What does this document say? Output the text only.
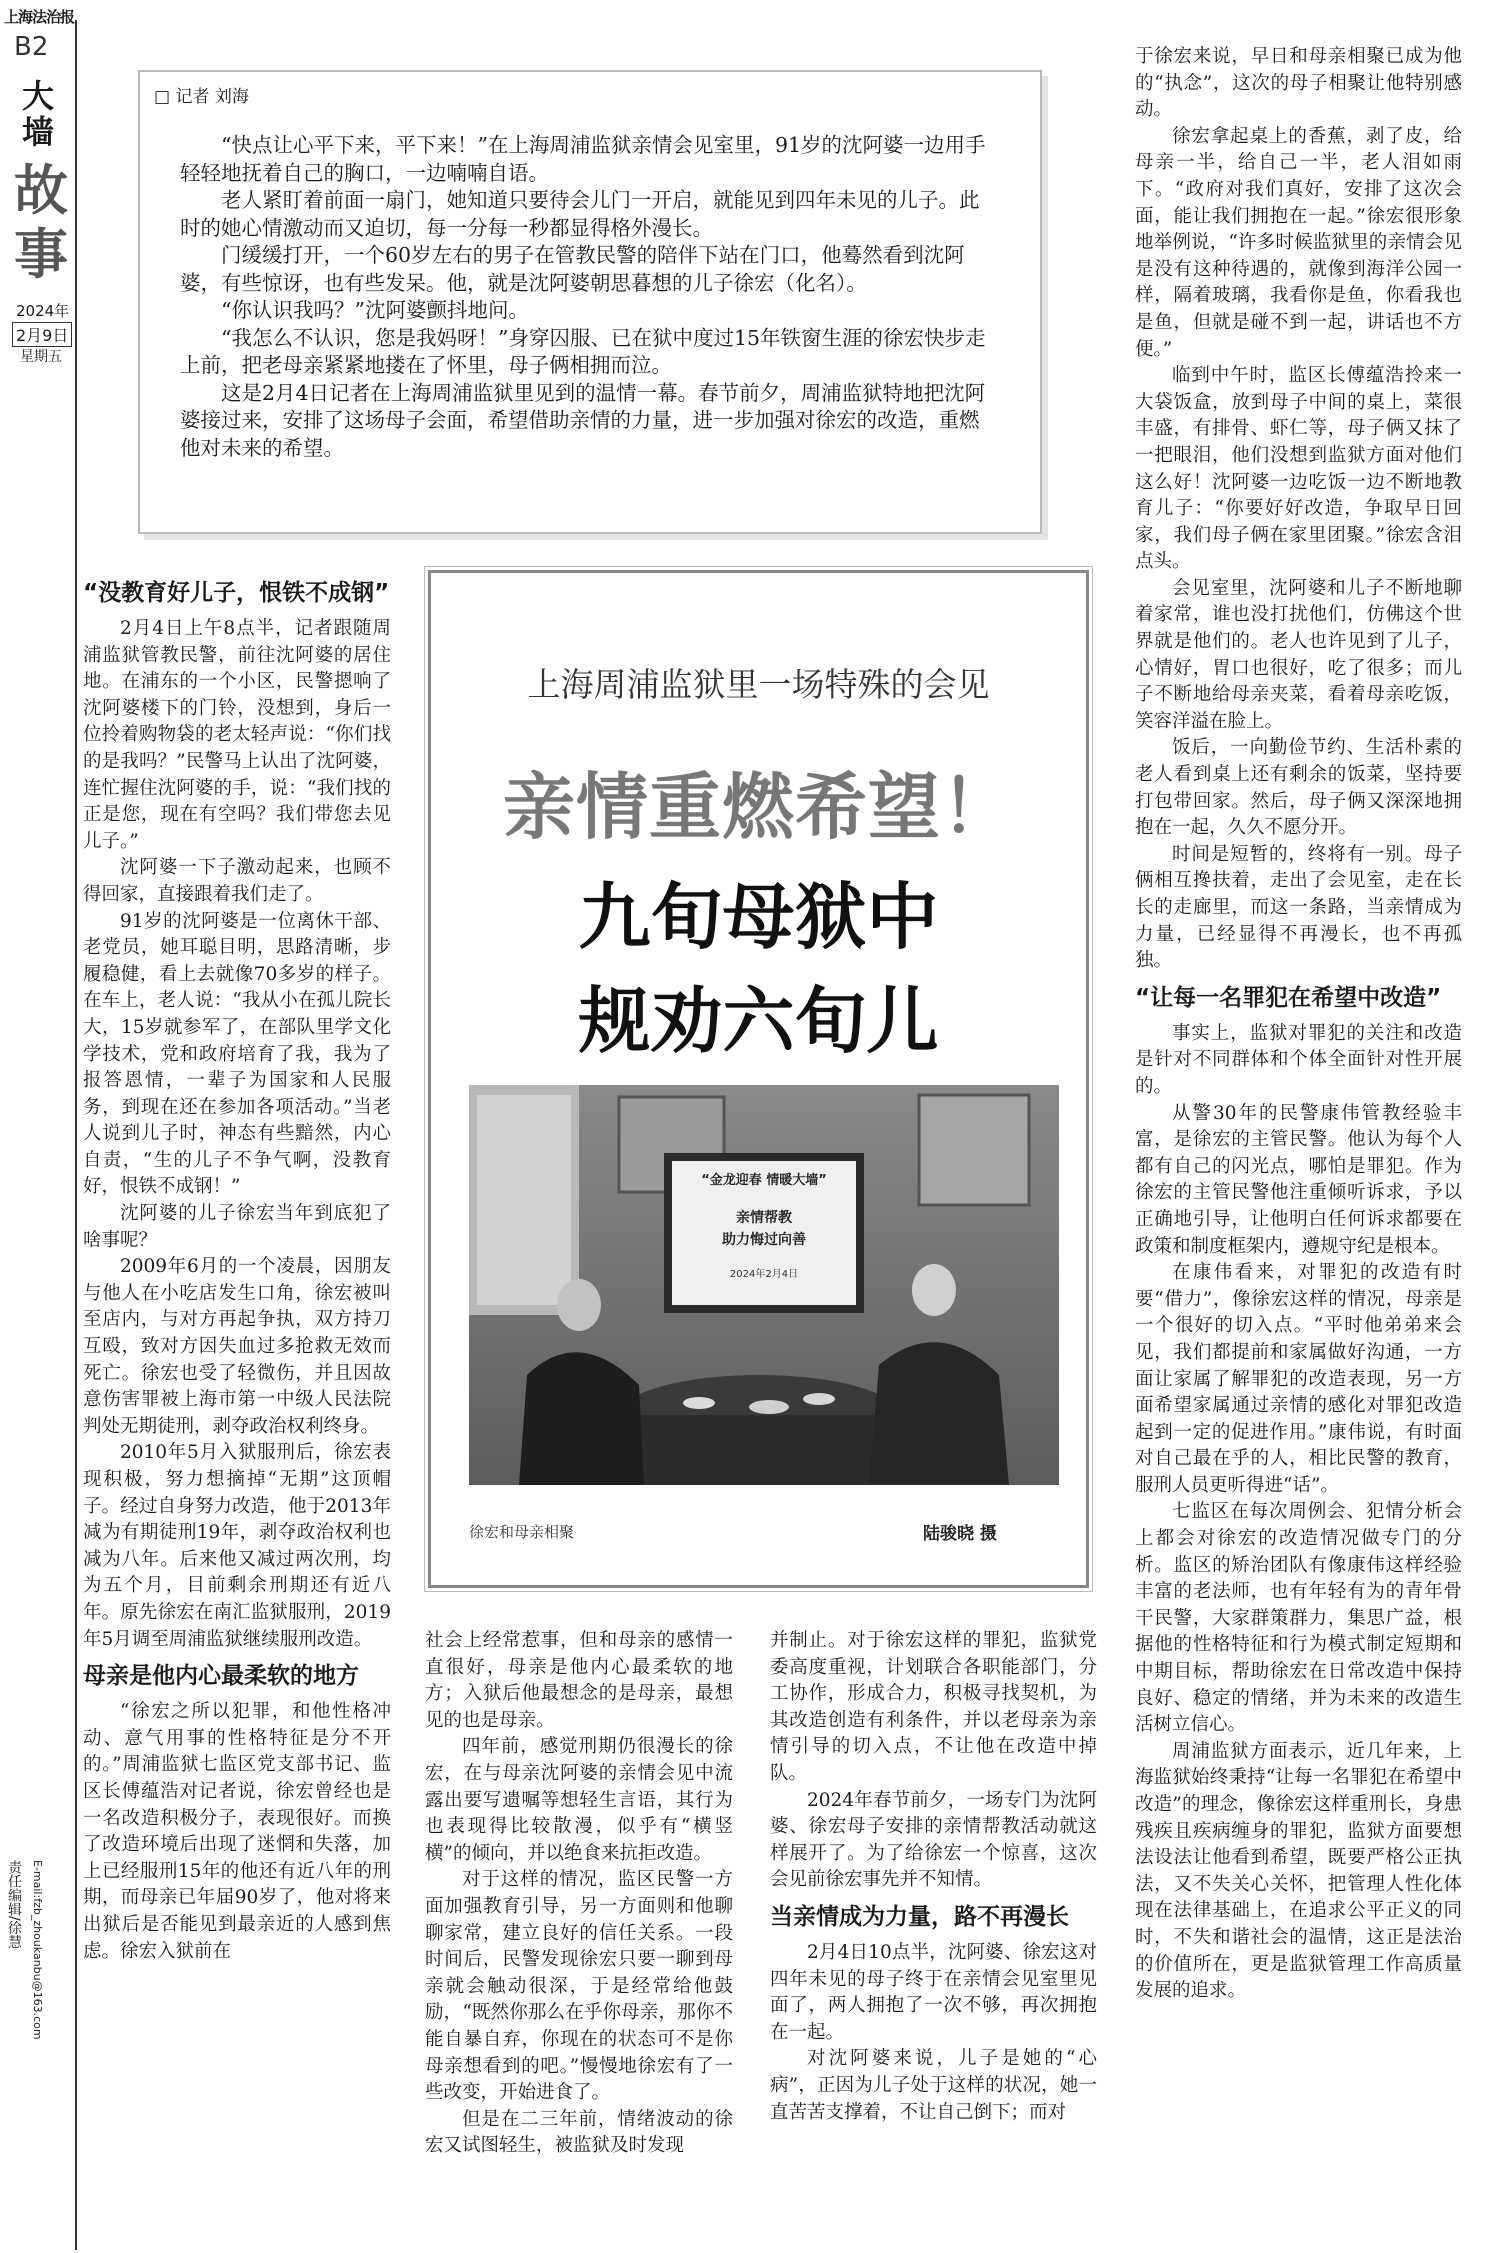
上海法治报
B2
大墙
故事
2024年
2月9日
星期五
责任编辑/徐慧 E-mail:fzb_zhoukanbu@163.com
□ 记者 刘海

“快点让心平下来，平下来！”在上海周浦监狱亲情会见室里，91岁的沈阿婆一边用手轻轻地抚着自己的胸口，一边喃喃自语。

老人紧盯着前面一扇门，她知道只要待会儿门一开启，就能见到四年未见的儿子。此时的她心情激动而又迫切，每一分每一秒都显得格外漫长。

门缓缓打开，一个60岁左右的男子在管教民警的陪伴下站在门口，他蓦然看到沈阿婆，有些惊讶，也有些发呆。他，就是沈阿婆朝思暮想的儿子徐宏（化名）。

“你认识我吗？”沈阿婆颤抖地问。

“我怎么不认识，您是我妈呀！”身穿囚服、已在狱中度过15年铁窗生涯的徐宏快步走上前，把老母亲紧紧地搂在了怀里，母子俩相拥而泣。

这是2月4日记者在上海周浦监狱里见到的温情一幕。春节前夕，周浦监狱特地把沈阿婆接过来，安排了这场母子会面，希望借助亲情的力量，进一步加强对徐宏的改造，重燃他对未来的希望。

“没教育好儿子，恨铁不成钢”

2月4日上午8点半，记者跟随周浦监狱管教民警，前往沈阿婆的居住地。在浦东的一个小区，民警摁响了沈阿婆楼下的门铃，没想到，身后一位拎着购物袋的老太轻声说：“你们找的是我吗？”民警马上认出了沈阿婆，连忙握住沈阿婆的手，说：“我们找的正是您，现在有空吗？我们带您去见儿子。”

沈阿婆一下子激动起来，也顾不得回家，直接跟着我们走了。

91岁的沈阿婆是一位离休干部、老党员，她耳聪目明，思路清晰，步履稳健，看上去就像70多岁的样子。在车上，老人说：“我从小在孤儿院长大，15岁就参军了，在部队里学文化学技术，党和政府培育了我，我为了报答恩情，一辈子为国家和人民服务，到现在还在参加各项活动。”当老人说到儿子时，神态有些黯然，内心自责，“生的儿子不争气啊，没教育好，恨铁不成钢！”

沈阿婆的儿子徐宏当年到底犯了啥事呢？

2009年6月的一个凌晨，因朋友与他人在小吃店发生口角，徐宏被叫至店内，与对方再起争执，双方持刀互殴，致对方因失血过多抢救无效而死亡。徐宏也受了轻微伤，并且因故意伤害罪被上海市第一中级人民法院判处无期徒刑，剥夺政治权利终身。

2010年5月入狱服刑后，徐宏表现积极，努力想摘掉“无期”这顶帽子。经过自身努力改造，他于2013年减为有期徒刑19年，剥夺政治权利也减为八年。后来他又减过两次刑，均为五个月，目前剩余刑期还有近八年。原先徐宏在南汇监狱服刑，2019年5月调至周浦监狱继续服刑改造。

母亲是他内心最柔软的地方

“徐宏之所以犯罪，和他性格冲动、意气用事的性格特征是分不开的。”周浦监狱七监区党支部书记、监区长傅蕴浩对记者说，徐宏曾经也是一名改造积极分子，表现很好。而换了改造环境后出现了迷惘和失落，加上已经服刑15年的他还有近八年的刑期，而母亲已年届90岁了，他对将来出狱后是否能见到最亲近的人感到焦虑。徐宏入狱前在

上海周浦监狱里一场特殊的会见
亲情重燃希望！
九旬母狱中
规劝六旬儿
“金龙迎春 情暖大墙”
亲情帮教
助力悔过向善
2024年2月4日
徐宏和母亲相聚	陆骏晓 摄

社会上经常惹事，但和母亲的感情一直很好，母亲是他内心最柔软的地方；入狱后他最想念的是母亲，最想见的也是母亲。

四年前，感觉刑期仍很漫长的徐宏，在与母亲沈阿婆的亲情会见中流露出要写遗嘱等想轻生言语，其行为也表现得比较散漫，似乎有“横竖横”的倾向，并以绝食来抗拒改造。

对于这样的情况，监区民警一方面加强教育引导，另一方面则和他聊聊家常，建立良好的信任关系。一段时间后，民警发现徐宏只要一聊到母亲就会触动很深，于是经常给他鼓励，“既然你那么在乎你母亲，那你不能自暴自弃，你现在的状态可不是你母亲想看到的吧。”慢慢地徐宏有了一些改变，开始进食了。

但是在二三年前，情绪波动的徐宏又试图轻生，被监狱及时发现

并制止。对于徐宏这样的罪犯，监狱党委高度重视，计划联合各职能部门，分工协作，形成合力，积极寻找契机，为其改造创造有利条件，并以老母亲为亲情引导的切入点，不让他在改造中掉队。

2024年春节前夕，一场专门为沈阿婆、徐宏母子安排的亲情帮教活动就这样展开了。为了给徐宏一个惊喜，这次会见前徐宏事先并不知情。

当亲情成为力量，路不再漫长

2月4日10点半，沈阿婆、徐宏这对四年未见的母子终于在亲情会见室里见面了，两人拥抱了一次不够，再次拥抱在一起。

对沈阿婆来说，儿子是她的“心病”，正因为儿子处于这样的状况，她一直苦苦支撑着，不让自己倒下；而对

于徐宏来说，早日和母亲相聚已成为他的“执念”，这次的母子相聚让他特别感动。

徐宏拿起桌上的香蕉，剥了皮，给母亲一半，给自己一半，老人泪如雨下。“政府对我们真好，安排了这次会面，能让我们拥抱在一起。”徐宏很形象地举例说，“许多时候监狱里的亲情会见是没有这种待遇的，就像到海洋公园一样，隔着玻璃，我看你是鱼，你看我也是鱼，但就是碰不到一起，讲话也不方便。”

临到中午时，监区长傅蕴浩拎来一大袋饭盒，放到母子中间的桌上，菜很丰盛，有排骨、虾仁等，母子俩又抹了一把眼泪，他们没想到监狱方面对他们这么好！沈阿婆一边吃饭一边不断地教育儿子：“你要好好改造，争取早日回家，我们母子俩在家里团聚。”徐宏含泪点头。

会见室里，沈阿婆和儿子不断地聊着家常，谁也没打扰他们，仿佛这个世界就是他们的。老人也许见到了儿子，心情好，胃口也很好，吃了很多；而儿子不断地给母亲夹菜，看着母亲吃饭，笑容洋溢在脸上。

饭后，一向勤俭节约、生活朴素的老人看到桌上还有剩余的饭菜，坚持要打包带回家。然后，母子俩又深深地拥抱在一起，久久不愿分开。

时间是短暂的，终将有一别。母子俩相互搀扶着，走出了会见室，走在长长的走廊里，而这一条路，当亲情成为力量，已经显得不再漫长，也不再孤独。

“让每一名罪犯在希望中改造”

事实上，监狱对罪犯的关注和改造是针对不同群体和个体全面针对性开展的。

从警30年的民警康伟管教经验丰富，是徐宏的主管民警。他认为每个人都有自己的闪光点，哪怕是罪犯。作为徐宏的主管民警他注重倾听诉求，予以正确地引导，让他明白任何诉求都要在政策和制度框架内，遵规守纪是根本。

在康伟看来，对罪犯的改造有时要“借力”，像徐宏这样的情况，母亲是一个很好的切入点。“平时他弟弟来会见，我们都提前和家属做好沟通，一方面让家属了解罪犯的改造表现，另一方面希望家属通过亲情的感化对罪犯改造起到一定的促进作用。”康伟说，有时面对自己最在乎的人，相比民警的教育，服刑人员更听得进“话”。

七监区在每次周例会、犯情分析会上都会对徐宏的改造情况做专门的分析。监区的矫治团队有像康伟这样经验丰富的老法师，也有年轻有为的青年骨干民警，大家群策群力，集思广益，根据他的性格特征和行为模式制定短期和中期目标，帮助徐宏在日常改造中保持良好、稳定的情绪，并为未来的改造生活树立信心。

周浦监狱方面表示，近几年来，上海监狱始终秉持“让每一名罪犯在希望中改造”的理念，像徐宏这样重刑长，身患残疾且疾病缠身的罪犯，监狱方面要想法设法让他看到希望，既要严格公正执法，又不失关心关怀，把管理人性化体现在法律基础上，在追求公平正义的同时，不失和谐社会的温情，这正是法治的价值所在，更是监狱管理工作高质量发展的追求。
